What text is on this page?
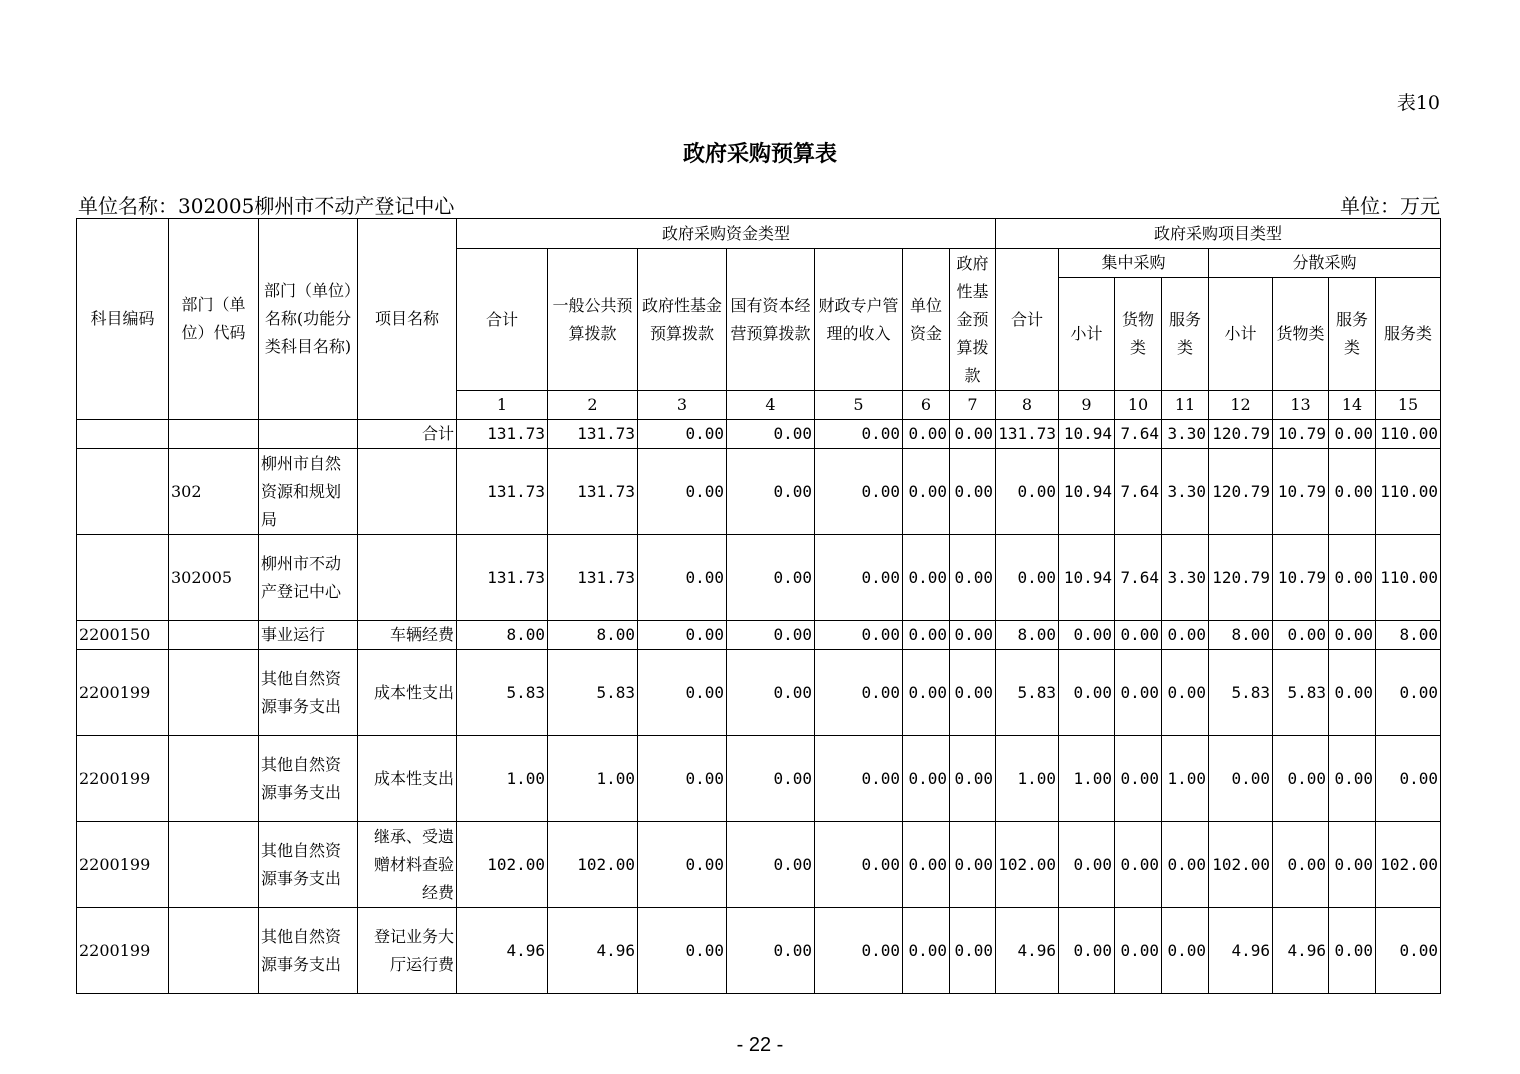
表10
政府采购预算表
单位名称：302005柳州市不动产登记中心	单位：万元
科目编码	部门（单位）代码	部门（单位）名称(功能分类科目名称)	项目名称	政府采购资金类型							政府采购项目类型							
				合计	一般公共预算拨款	政府性基金预算拨款	国有资本经营预算拨款	财政专户管理的收入	单位资金	政府性基金预算拨款	合计	集中采购			分散采购			
												小计	货物类	服务类	小计	货物类	服务类	服务类
				1	2	3	4	5	6	7	8	9	10	11	12	13	14	15
			合计	131.73	131.73	0.00	0.00	0.00	0.00	0.00	131.73	10.94	7.64	3.30	120.79	10.79	0.00	110.00
	302	柳州市自然资源和规划局		131.73	131.73	0.00	0.00	0.00	0.00	0.00	0.00	10.94	7.64	3.30	120.79	10.79	0.00	110.00
	302005	柳州市不动产登记中心		131.73	131.73	0.00	0.00	0.00	0.00	0.00	0.00	10.94	7.64	3.30	120.79	10.79	0.00	110.00
2200150		事业运行	车辆经费	8.00	8.00	0.00	0.00	0.00	0.00	0.00	8.00	0.00	0.00	0.00	8.00	0.00	0.00	8.00
2200199		其他自然资源事务支出	成本性支出	5.83	5.83	0.00	0.00	0.00	0.00	0.00	5.83	0.00	0.00	0.00	5.83	5.83	0.00	0.00
2200199		其他自然资源事务支出	成本性支出	1.00	1.00	0.00	0.00	0.00	0.00	0.00	1.00	1.00	0.00	1.00	0.00	0.00	0.00	0.00
2200199		其他自然资源事务支出	继承、受遗赠材料查验经费	102.00	102.00	0.00	0.00	0.00	0.00	0.00	102.00	0.00	0.00	0.00	102.00	0.00	0.00	102.00
2200199		其他自然资源事务支出	登记业务大厅运行费	4.96	4.96	0.00	0.00	0.00	0.00	0.00	4.96	0.00	0.00	0.00	4.96	4.96	0.00	0.00
- 22 -
